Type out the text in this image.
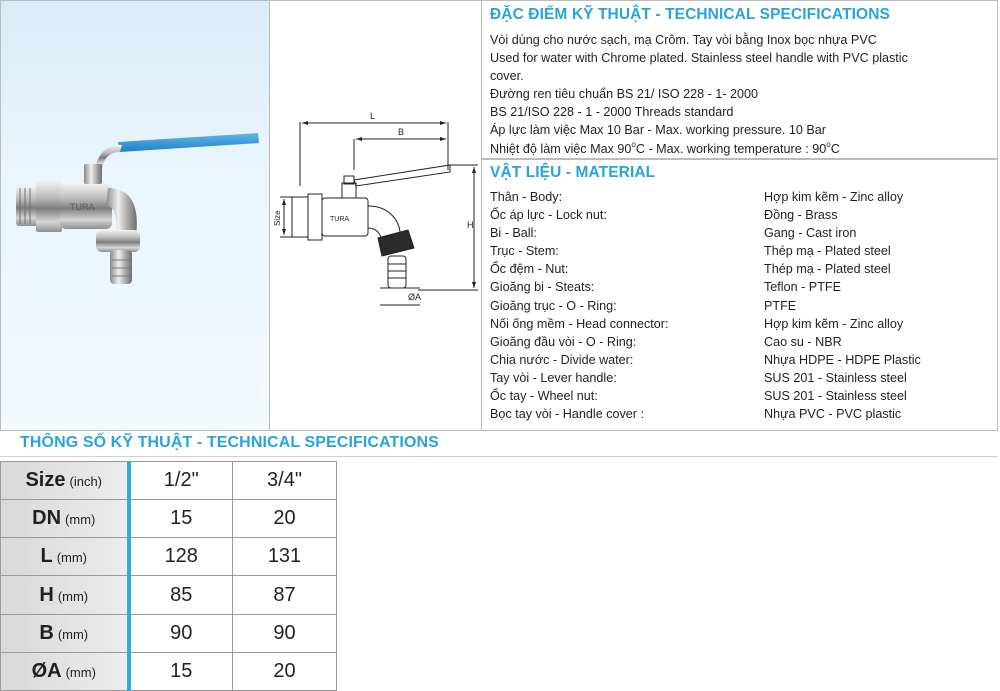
TURA
L
B
H
Size
ØA
TURA
ĐẶC ĐIỂM KỸ THUẬT - TECHNICAL SPECIFICATIONS
Vòi dùng cho nước sạch, mạ Crôm. Tay vòi bằng Inox bọc nhựa PVC
Used for water with Chrome plated. Stainless steel handle with PVC plastic
cover.
Đường ren tiêu chuẩn BS 21/ ISO 228 - 1- 2000
BS 21/ISO 228 - 1 - 2000 Threads standard
Áp lực làm việc Max 10 Bar - Max. working pressure. 10 Bar
Nhiệt độ làm việc Max 90$^o$C - Max. working temperature : 90$^o$C
VẬT LIỆU - MATERIAL
Thân - Body:	Hợp kim kẽm - Zinc alloy
Ốc áp lực - Lock nut:	Đồng - Brass
Bi - Ball:	Gang - Cast iron
Trục - Stem:	Thép mạ - Plated steel
Ốc đệm - Nut:	Thép mạ - Plated steel
Gioăng bi - Steats:	Teflon - PTFE
Gioăng trục - O - Ring:	PTFE
Nối ống mềm - Head connector:	Hợp kim kẽm - Zinc alloy
Gioăng đầu vòi - O - Ring:	Cao su - NBR
Chia nước - Divide water:	Nhựa HDPE - HDPE Plastic
Tay vòi - Lever handle:	SUS 201 - Stainless steel
Ốc tay - Wheel nut:	SUS 201 - Stainless steel
Bọc tay vòi - Handle cover :	Nhựa PVC - PVC plastic
THÔNG SỐ KỸ THUẬT - TECHNICAL SPECIFICATIONS
Size (inch)	1/2"	3/4"
DN (mm)	15	20
L (mm)	128	131
H (mm)	85	87
B (mm)	90	90
ØA (mm)	15	20
